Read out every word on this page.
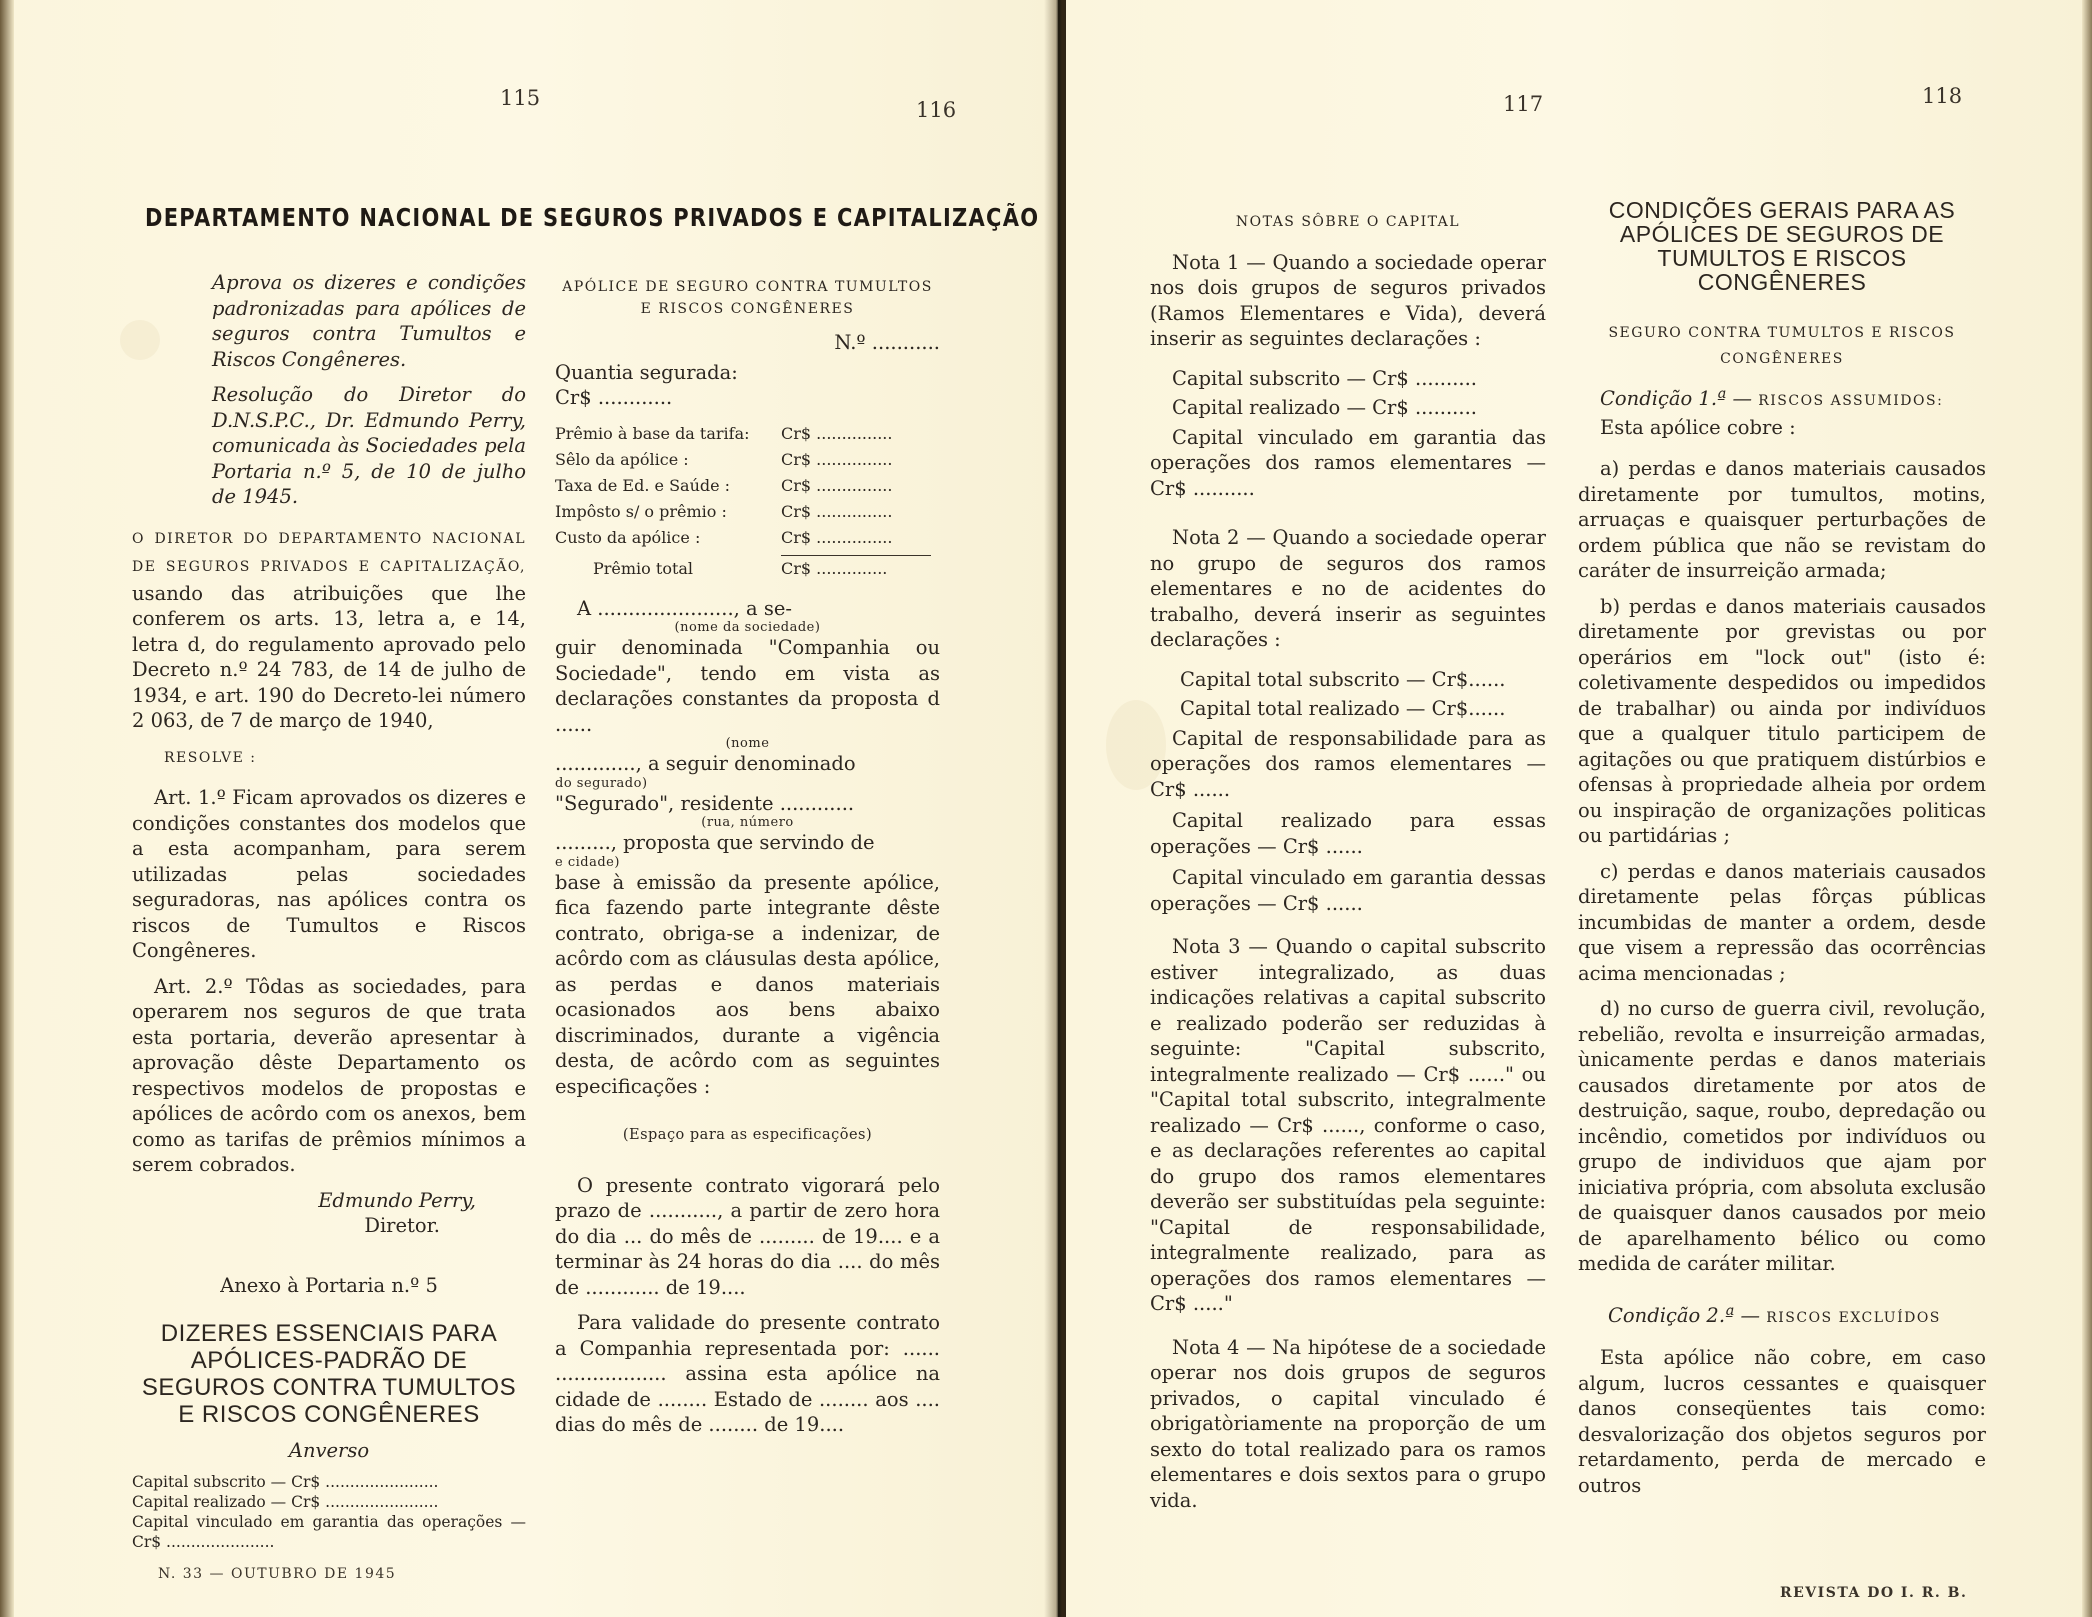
115	116
DEPARTAMENTO NACIONAL DE SEGUROS PRIVADOS E CAPITALIZAÇÃO

Aprova os dizeres e condições padronizadas para apólices de seguros contra Tumultos e Riscos Congêneres.

Resolução do Diretor do D.N.S.P.C., Dr. Edmundo Perry, comunicada às Sociedades pela Portaria n.º 5, de 10 de julho de 1945.

O DIRETOR DO DEPARTAMENTO NACIONAL DE SEGUROS PRIVADOS E CAPITALIZAÇÃO, usando das atribuições que lhe conferem os arts. 13, letra a, e 14, letra d, do regulamento aprovado pelo Decreto n.º 24 783, de 14 de julho de 1934, e art. 190 do Decreto-lei número 2 063, de 7 de março de 1940,

RESOLVE :

Art. 1.º Ficam aprovados os dizeres e condições constantes dos modelos que a esta acompanham, para serem utilizadas pelas sociedades seguradoras, nas apólices contra os riscos de Tumultos e Riscos Congêneres.

Art. 2.º Tôdas as sociedades, para operarem nos seguros de que trata esta portaria, deverão apresentar à aprovação dêste Departamento os respectivos modelos de propostas e apólices de acôrdo com os anexos, bem como as tarifas de prêmios mínimos a serem cobrados.

Edmundo Perry,

Diretor.

Anexo à Portaria n.º 5

DIZERES ESSENCIAIS PARA APÓLICES-PADRÃO DE SEGUROS CONTRA TUMULTOS E RISCOS CONGÊNERES

Anverso

Capital subscrito — Cr$ .......................
Capital realizado — Cr$ .......................
Capital vinculado em garantia das operações — Cr$ ......................
N. 33 — OUTUBRO DE 1945

APÓLICE DE SEGURO CONTRA TUMULTOS E RISCOS CONGÊNERES

N.º ...........

Quantia segurada:

Cr$ ............

Prêmio à base da tarifa:	Cr$ ...............
Sêlo da apólice :	Cr$ ...............
Taxa de Ed. e Saúde :	Cr$ ...............
Impôsto s/ o prêmio :	Cr$ ...............
Custo da apólice :	Cr$ ...............
Prêmio total	Cr$ ..............

A ......................, a se-

(nome da sociedade)

guir denominada "Companhia ou Sociedade", tendo em vista as declarações constantes da proposta d ......

(nome

............., a seguir denominado

do segurado)

"Segurado", residente ............

(rua, número

........., proposta que servindo de

e cidade)

base à emissão da presente apólice, fica fazendo parte integrante dêste contrato, obriga-se a indenizar, de acôrdo com as cláusulas desta apólice, as perdas e danos materiais ocasionados aos bens abaixo discriminados, durante a vigência desta, de acôrdo com as seguintes especificações :

(Espaço para as especificações)

O presente contrato vigorará pelo prazo de ..........., a partir de zero hora do dia ... do mês de ......... de 19.... e a terminar às 24 horas do dia .... do mês de ............ de 19....

Para validade do presente contrato a Companhia representada por: ...... .................. assina esta apólice na cidade de ........ Estado de ........ aos .... dias do mês de ........ de 19....

117	118

NOTAS SÔBRE O CAPITAL

Nota 1 — Quando a sociedade operar nos dois grupos de seguros privados (Ramos Elementares e Vida), deverá inserir as seguintes declarações :

Capital subscrito — Cr$ ..........

Capital realizado — Cr$ ..........

Capital vinculado em garantia das operações dos ramos elementares — Cr$ ..........

Nota 2 — Quando a sociedade operar no grupo de seguros dos ramos elementares e no de acidentes do trabalho, deverá inserir as seguintes declarações :

Capital total subscrito — Cr$......

Capital total realizado — Cr$......

Capital de responsabilidade para as operações dos ramos elementares — Cr$ ......

Capital realizado para essas operações — Cr$ ......

Capital vinculado em garantia dessas operações — Cr$ ......

Nota 3 — Quando o capital subscrito estiver integralizado, as duas indicações relativas a capital subscrito e realizado poderão ser reduzidas à seguinte: "Capital subscrito, integralmente realizado — Cr$ ......" ou "Capital total subscrito, integralmente realizado — Cr$ ......, conforme o caso, e as declarações referentes ao capital do grupo dos ramos elementares deverão ser substituídas pela seguinte: "Capital de responsabilidade, integralmente realizado, para as operações dos ramos elementares — Cr$ ....."

Nota 4 — Na hipótese de a sociedade operar nos dois grupos de seguros privados, o capital vinculado é obrigatòriamente na proporção de um sexto do total realizado para os ramos elementares e dois sextos para o grupo vida.

CONDIÇÕES GERAIS PARA AS APÓLICES DE SEGUROS DE TUMULTOS E RISCOS CONGÊNERES

SEGURO CONTRA TUMULTOS E RISCOS CONGÊNERES

Condição 1.ª — RISCOS ASSUMIDOS:

Esta apólice cobre :

a) perdas e danos materiais causados diretamente por tumultos, motins, arruaças e quaisquer perturbações de ordem pública que não se revistam do caráter de insurreição armada;

b) perdas e danos materiais causados diretamente por grevistas ou por operários em "lock out" (isto é: coletivamente despedidos ou impedidos de trabalhar) ou ainda por indivíduos que a qualquer titulo participem de agitações ou que pratiquem distúrbios e ofensas à propriedade alheia por ordem ou inspiração de organizações politicas ou partidárias ;

c) perdas e danos materiais causados diretamente pelas fôrças públicas incumbidas de manter a ordem, desde que visem a repressão das ocorrências acima mencionadas ;

d) no curso de guerra civil, revolução, rebelião, revolta e insurreição armadas, ùnicamente perdas e danos materiais causados diretamente por atos de destruição, saque, roubo, depredação ou incêndio, cometidos por indivíduos ou grupo de individuos que ajam por iniciativa própria, com absoluta exclusão de quaisquer danos causados por meio de aparelhamento bélico ou como medida de caráter militar.

Condição 2.ª — RISCOS EXCLUÍDOS

Esta apólice não cobre, em caso algum, lucros cessantes e quaisquer danos conseqüentes tais como: desvalorização dos objetos seguros por retardamento, perda de mercado e outros

REVISTA DO I. R. B.
